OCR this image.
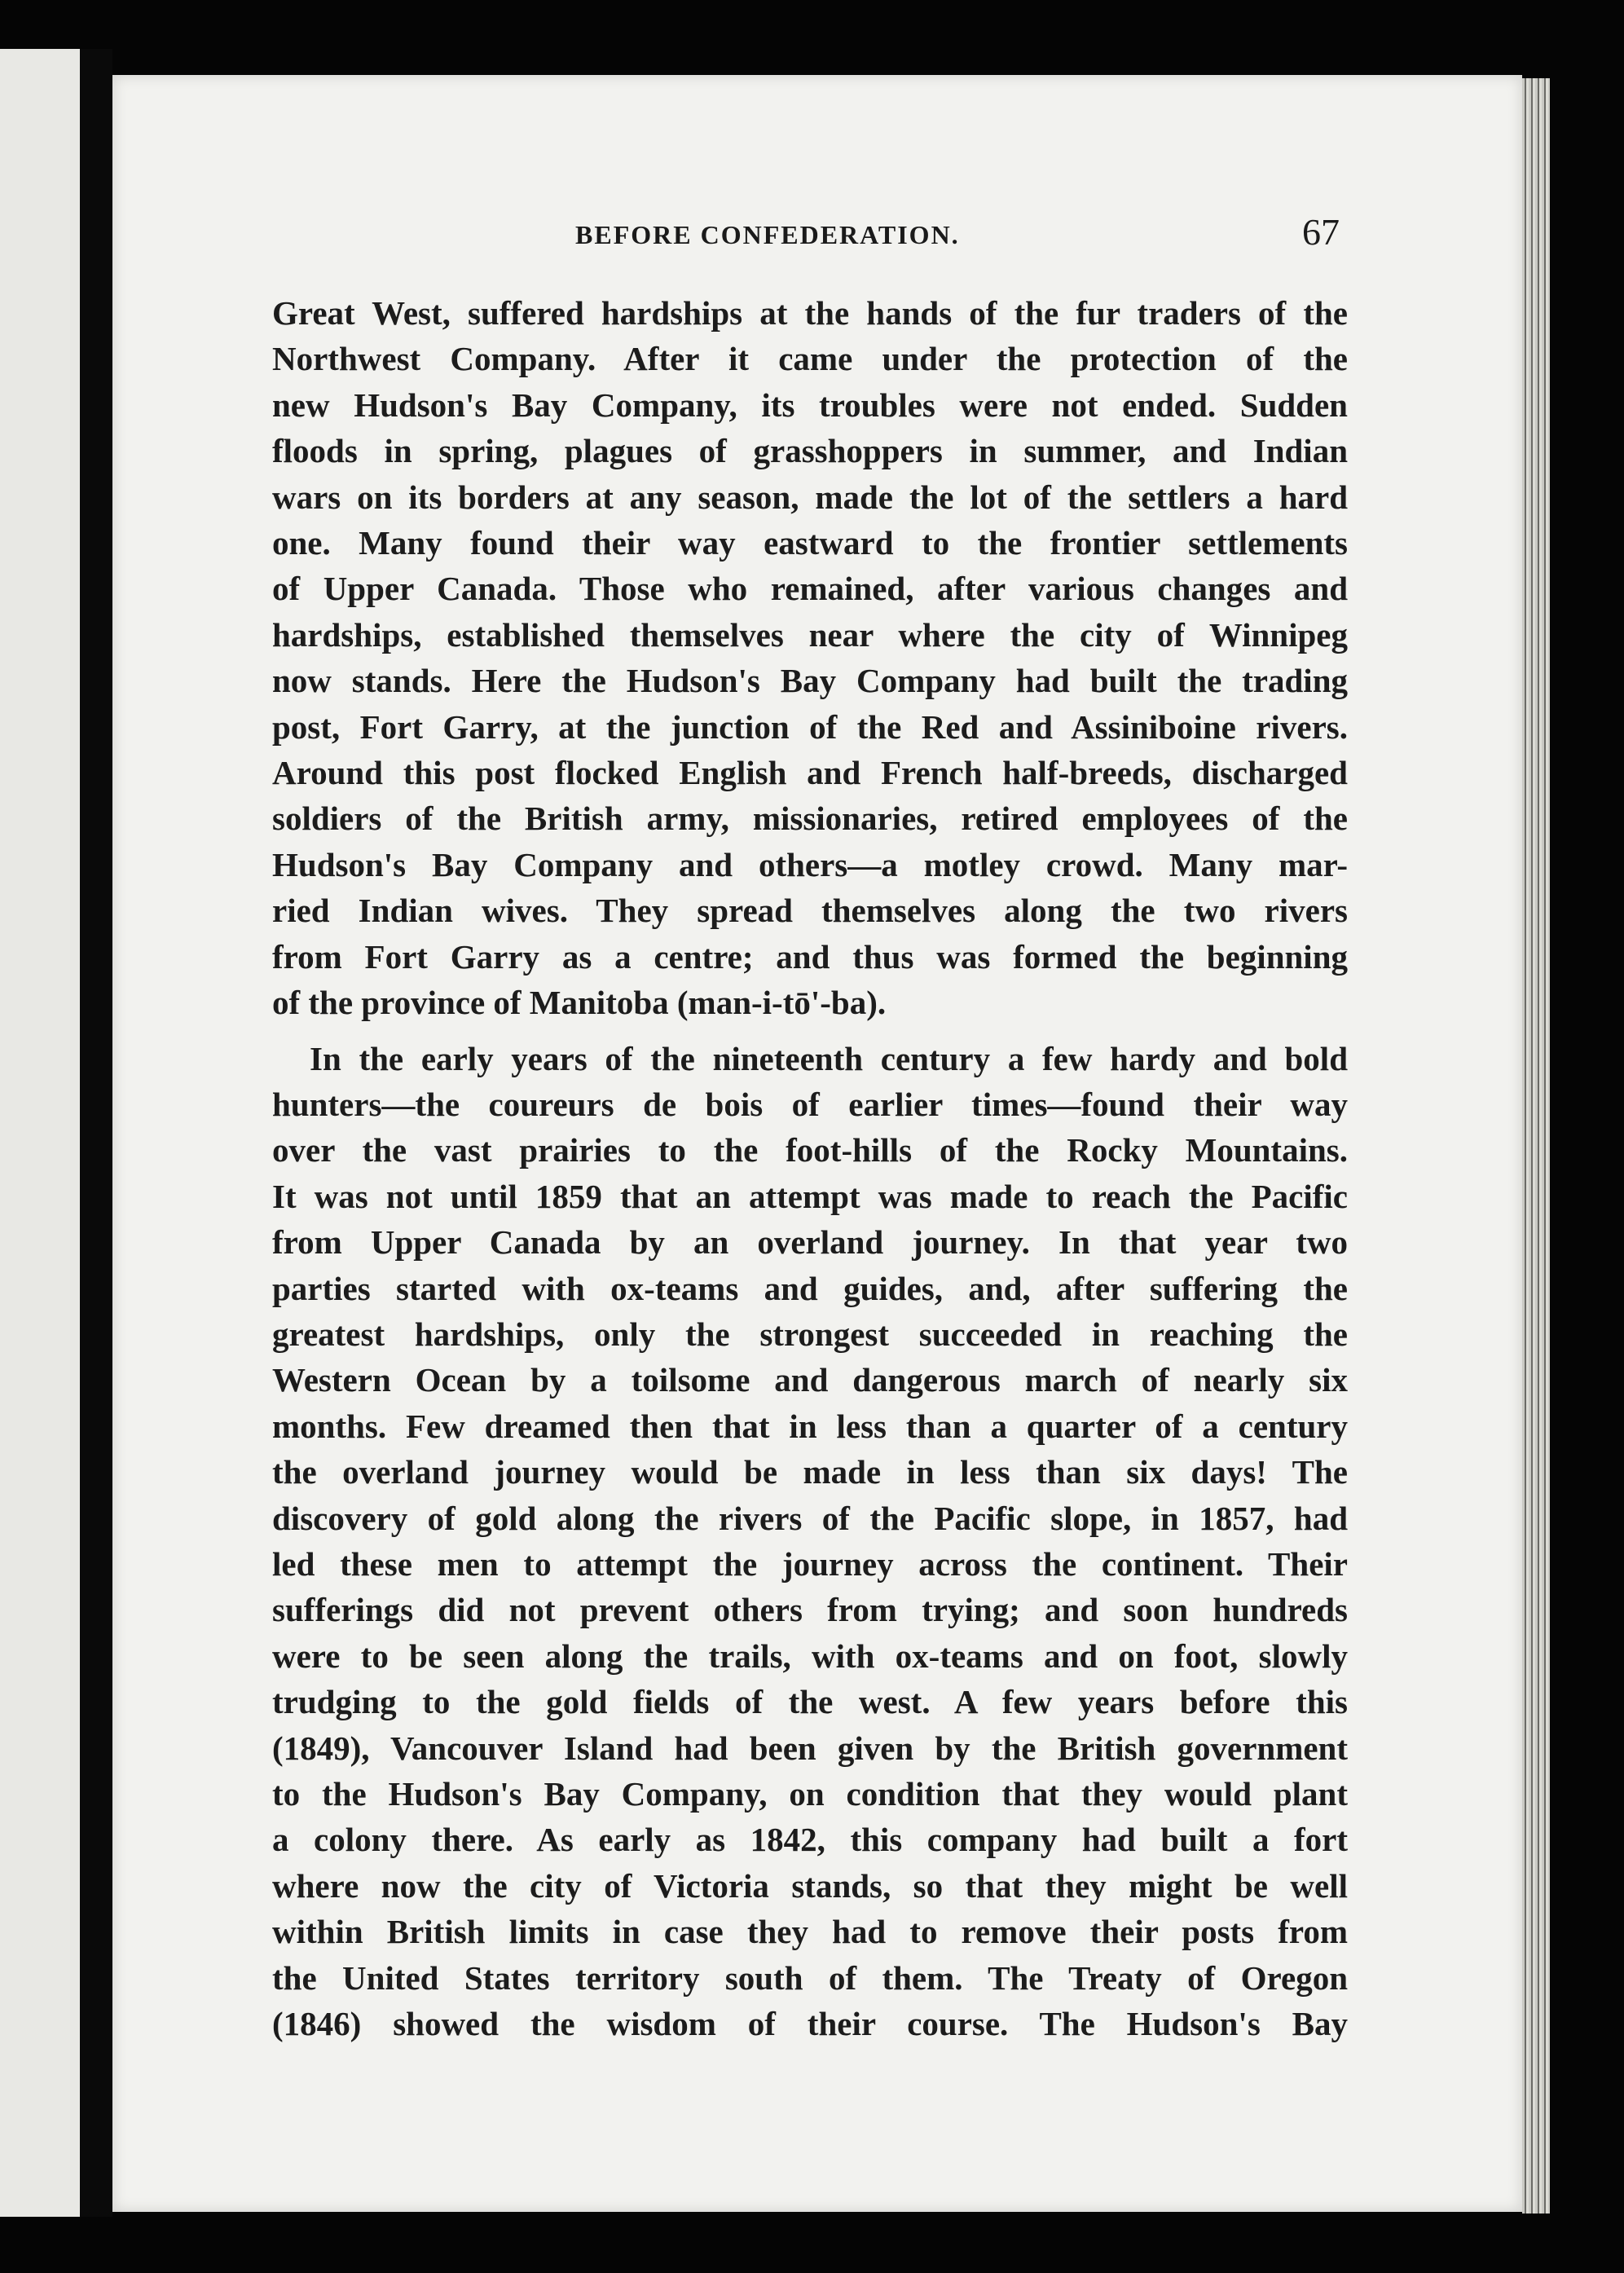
BEFORE CONFEDERATION.	67
Great West, suffered hardships at the hands of the fur traders of the
Northwest Company. After it came under the protection of the
new Hudson's Bay Company, its troubles were not ended. Sudden
floods in spring, plagues of grasshoppers in summer, and Indian
wars on its borders at any season, made the lot of the settlers a hard
one. Many found their way eastward to the frontier settlements
of Upper Canada. Those who remained, after various changes and
hardships, established themselves near where the city of Winnipeg
now stands. Here the Hudson's Bay Company had built the trading
post, Fort Garry, at the junction of the Red and Assiniboine rivers.
Around this post flocked English and French half-breeds, discharged
soldiers of the British army, missionaries, retired employees of the
Hudson's Bay Company and others—a motley crowd. Many mar-
ried Indian wives. They spread themselves along the two rivers
from Fort Garry as a centre; and thus was formed the beginning
of the province of Manitoba (man-i-tō'-ba).
In the early years of the nineteenth century a few hardy and bold
hunters—the coureurs de bois of earlier times—found their way
over the vast prairies to the foot-hills of the Rocky Mountains.
It was not until 1859 that an attempt was made to reach the Pacific
from Upper Canada by an overland journey. In that year two
parties started with ox-teams and guides, and, after suffering the
greatest hardships, only the strongest succeeded in reaching the
Western Ocean by a toilsome and dangerous march of nearly six
months. Few dreamed then that in less than a quarter of a century
the overland journey would be made in less than six days! The
discovery of gold along the rivers of the Pacific slope, in 1857, had
led these men to attempt the journey across the continent. Their
sufferings did not prevent others from trying; and soon hundreds
were to be seen along the trails, with ox-teams and on foot, slowly
trudging to the gold fields of the west. A few years before this
(1849), Vancouver Island had been given by the British government
to the Hudson's Bay Company, on condition that they would plant
a colony there. As early as 1842, this company had built a fort
where now the city of Victoria stands, so that they might be well
within British limits in case they had to remove their posts from
the United States territory south of them. The Treaty of Oregon
(1846) showed the wisdom of their course. The Hudson's Bay
